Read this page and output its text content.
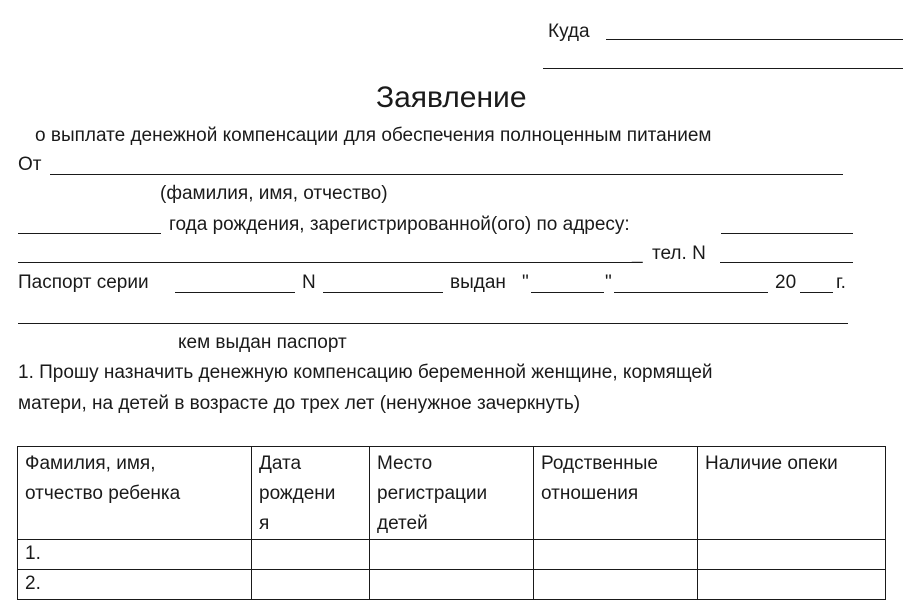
Куда
Заявление
о выплате денежной компенсации для обеспечения полноценным питанием
От
(фамилия, имя, отчество)
года рождения, зарегистрированной(ого) по адресу:
_ тел. N
Паспорт серии	N	выдан "	"	20 г.
кем выдан паспорт
1. Прошу назначить денежную компенсацию беременной женщине, кормящей
матери, на детей в возрасте до трех лет (ненужное зачеркнуть)
Фамилия, имя,
отчество ребенка	Дата
рождени
я	Место
регистрации
детей	Родственные
отношения	Наличие опеки
1.				
2.				
